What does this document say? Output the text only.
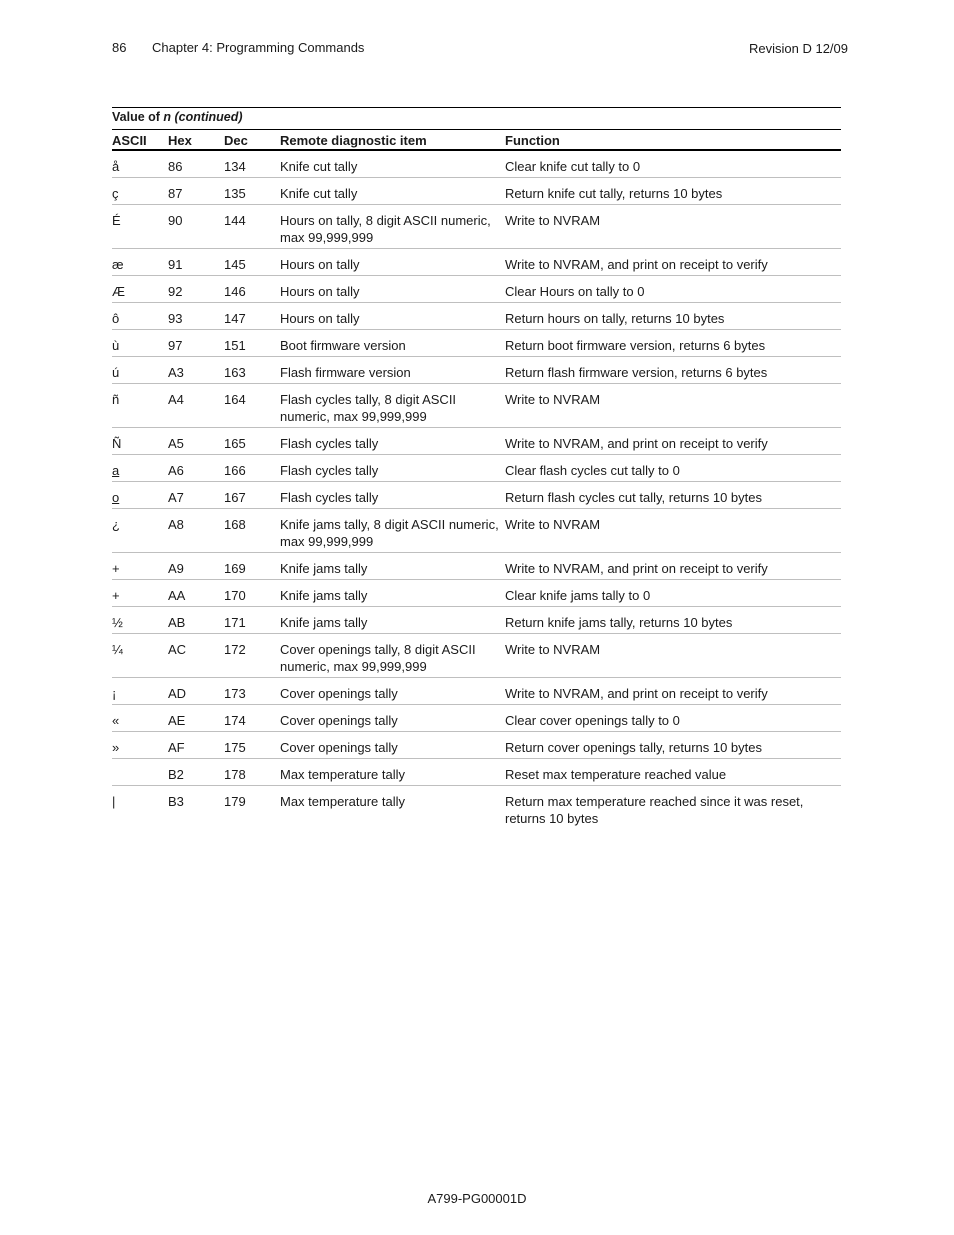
86 Chapter 4: Programming Commands	Revision D 12/09
Value of n (continued)
ASCII	Hex	Dec	Remote diagnostic item	Function
å	86	134	Knife cut tally	Clear knife cut tally to 0
ç	87	135	Knife cut tally	Return knife cut tally, returns 10 bytes
É	90	144	Hours on tally, 8 digit ASCII numeric, max 99,999,999	Write to NVRAM
æ	91	145	Hours on tally	Write to NVRAM, and print on receipt to verify
Æ	92	146	Hours on tally	Clear Hours on tally to 0
ô	93	147	Hours on tally	Return hours on tally, returns 10 bytes
ù	97	151	Boot firmware version	Return boot firmware version, returns 6 bytes
ú	A3	163	Flash firmware version	Return flash firmware version, returns 6 bytes
ñ	A4	164	Flash cycles tally, 8 digit ASCII numeric, max 99,999,999	Write to NVRAM
Ñ	A5	165	Flash cycles tally	Write to NVRAM, and print on receipt to verify
a	A6	166	Flash cycles tally	Clear flash cycles cut tally to 0
o	A7	167	Flash cycles tally	Return flash cycles cut tally, returns 10 bytes
¿	A8	168	Knife jams tally, 8 digit ASCII numeric, max 99,999,999	Write to NVRAM
+	A9	169	Knife jams tally	Write to NVRAM, and print on receipt to verify
+	AA	170	Knife jams tally	Clear knife jams tally to 0
½	AB	171	Knife jams tally	Return knife jams tally, returns 10 bytes
¼	AC	172	Cover openings tally, 8 digit ASCII numeric, max 99,999,999	Write to NVRAM
¡	AD	173	Cover openings tally	Write to NVRAM, and print on receipt to verify
«	AE	174	Cover openings tally	Clear cover openings tally to 0
»	AF	175	Cover openings tally	Return cover openings tally, returns 10 bytes
	B2	178	Max temperature tally	Reset max temperature reached value
|	B3	179	Max temperature tally	Return max temperature reached since it was reset, returns 10 bytes
A799-PG00001D
